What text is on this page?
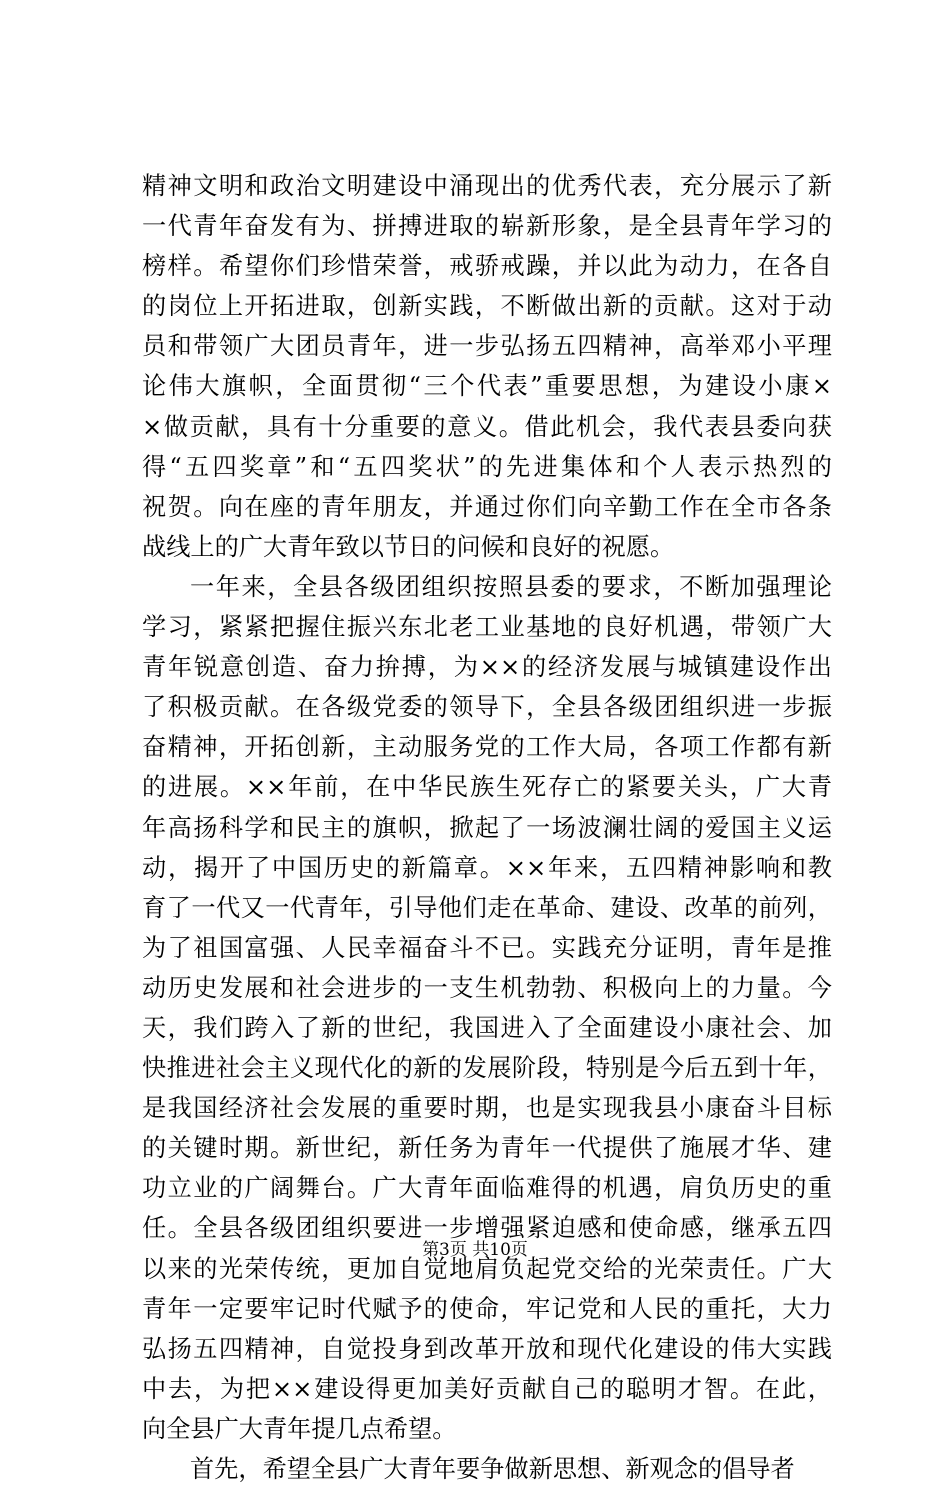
精神文明和政治文明建设中涌现出的优秀代表，充分展示了新
一代青年奋发有为、拼搏进取的崭新形象，是全县青年学习的
榜样。希望你们珍惜荣誉，戒骄戒躁，并以此为动力，在各自
的岗位上开拓进取，创新实践，不断做出新的贡献。这对于动
员和带领广大团员青年，进一步弘扬五四精神，高举邓小平理
论伟大旗帜，全面贯彻“三个代表”重要思想，为建设小康×
×做贡献，具有十分重要的意义。借此机会，我代表县委向获
得“五四奖章”和“五四奖状”的先进集体和个人表示热烈的
祝贺。向在座的青年朋友，并通过你们向辛勤工作在全市各条
战线上的广大青年致以节日的问候和良好的祝愿。
一年来，全县各级团组织按照县委的要求，不断加强理论
学习，紧紧把握住振兴东北老工业基地的良好机遇，带领广大
青年锐意创造、奋力拚搏，为××的经济发展与城镇建设作出
了积极贡献。在各级党委的领导下，全县各级团组织进一步振
奋精神，开拓创新，主动服务党的工作大局，各项工作都有新
的进展。××年前，在中华民族生死存亡的紧要关头，广大青
年高扬科学和民主的旗帜，掀起了一场波澜壮阔的爱国主义运
动，揭开了中国历史的新篇章。××年来，五四精神影响和教
育了一代又一代青年，引导他们走在革命、建设、改革的前列，
为了祖国富强、人民幸福奋斗不已。实践充分证明，青年是推
动历史发展和社会进步的一支生机勃勃、积极向上的力量。今
天，我们跨入了新的世纪，我国进入了全面建设小康社会、加
快推进社会主义现代化的新的发展阶段，特别是今后五到十年，
是我国经济社会发展的重要时期，也是实现我县小康奋斗目标
的关键时期。新世纪，新任务为青年一代提供了施展才华、建
功立业的广阔舞台。广大青年面临难得的机遇，肩负历史的重
任。全县各级团组织要进一步增强紧迫感和使命感，继承五四
以来的光荣传统，更加自觉地肩负起党交给的光荣责任。广大
青年一定要牢记时代赋予的使命，牢记党和人民的重托，大力
弘扬五四精神，自觉投身到改革开放和现代化建设的伟大实践
中去，为把××建设得更加美好贡献自己的聪明才智。在此，
向全县广大青年提几点希望。
首先，希望全县广大青年要争做新思想、新观念的倡导者
第3页 共10页
